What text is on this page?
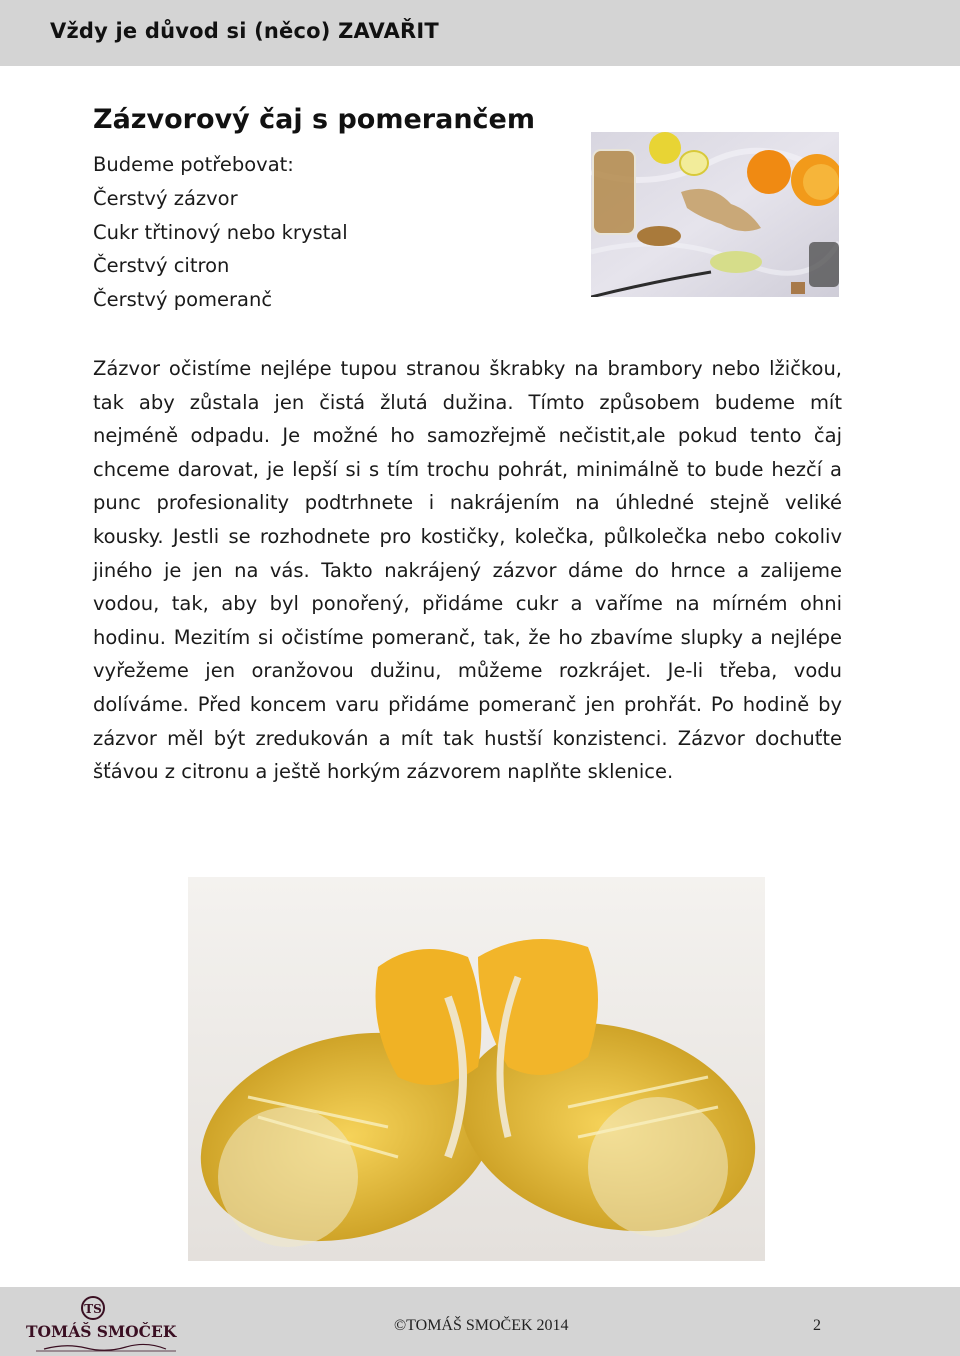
Vždy je důvod si (něco) ZAVAŘIT
Zázvorový čaj s pomerančem
Budeme potřebovat:
Čerstvý zázvor
Cukr třtinový nebo krystal
Čerstvý citron
Čerstvý pomeranč
Zázvor očistíme nejlépe tupou stranou škrabky na brambory nebo lžičkou, tak aby zůstala jen čistá žlutá dužina. Tímto způsobem budeme mít nejméně odpadu. Je možné ho samozřejmě nečistit,ale pokud tento čaj chceme darovat, je lepší si s tím trochu pohrát, minimálně to bude hezčí a punc profesionality podtrhnete i nakrájením na úhledné stejně veliké kousky. Jestli se rozhodnete pro kostičky, kolečka, půlkolečka nebo cokoliv jiného je jen na vás. Takto nakrájený zázvor dáme do hrnce a zalijeme vodou, tak, aby byl ponořený, přidáme cukr a vaříme na mírném ohni hodinu. Mezitím si očistíme pomeranč, tak, že ho zbavíme slupky a nejlépe vyřežeme jen oranžovou dužinu, můžeme rozkrájet. Je-li třeba, vodu dolíváme. Před koncem varu přidáme pomeranč jen prohřát. Po hodině by zázvor měl být zredukován a mít tak hustší konzistenci. Zázvor dochuťte šťávou z citronu a ještě horkým zázvorem naplňte sklenice.
TS
TOMÁŠ SMOČEK	©TOMÁŠ SMOČEK 2014	2
